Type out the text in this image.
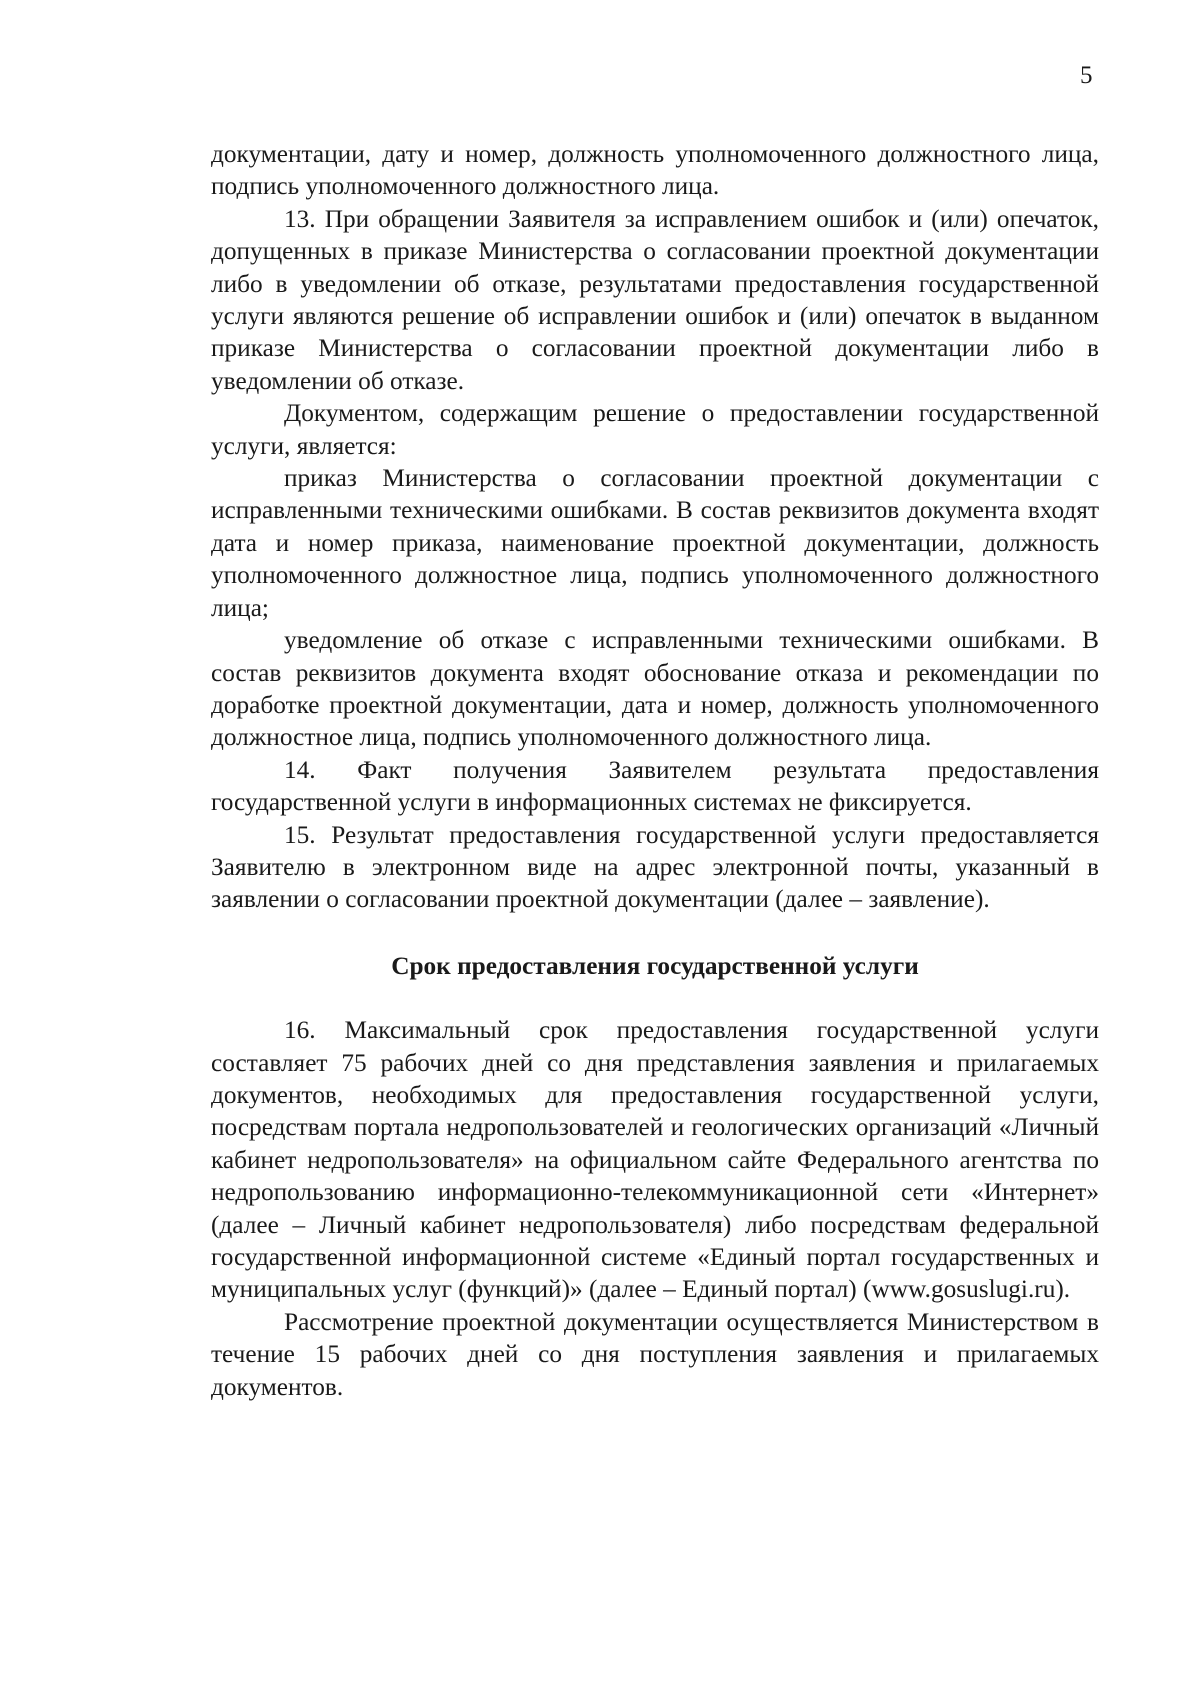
5

документации, дату и номер, должность уполномоченного должностного лица, подпись уполномоченного должностного лица.

13. При обращении Заявителя за исправлением ошибок и (или) опечаток, допущенных в приказе Министерства о согласовании проектной документации либо в уведомлении об отказе, результатами предоставления государственной услуги являются решение об исправлении ошибок и (или) опечаток в выданном приказе Министерства о согласовании проектной документации либо в уведомлении об отказе.

Документом, содержащим решение о предоставлении государственной услуги, является:

приказ Министерства о согласовании проектной документации с исправленными техническими ошибками. В состав реквизитов документа входят дата и номер приказа, наименование проектной документации, должность уполномоченного должностное лица, подпись уполномоченного должностного лица;

уведомление об отказе с исправленными техническими ошибками. В состав реквизитов документа входят обоснование отказа и рекомендации по доработке проектной документации, дата и номер, должность уполномоченного должностное лица, подпись уполномоченного должностного лица.

14. Факт получения Заявителем результата предоставления государственной услуги в информационных системах не фиксируется.

15. Результат предоставления государственной услуги предоставляется Заявителю в электронном виде на адрес электронной почты, указанный в заявлении о согласовании проектной документации (далее – заявление).

Срок предоставления государственной услуги

16. Максимальный срок предоставления государственной услуги составляет 75 рабочих дней со дня представления заявления и прилагаемых документов, необходимых для предоставления государственной услуги, посредствам портала недропользователей и геологических организаций «Личный кабинет недропользователя» на официальном сайте Федерального агентства по недропользованию информационно-телекоммуникационной сети «Интернет» (далее – Личный кабинет недропользователя) либо посредствам федеральной государственной информационной системе «Единый портал государственных и муниципальных услуг (функций)» (далее – Единый портал) (www.gosuslugi.ru).

Рассмотрение проектной документации осуществляется Министерством в течение 15 рабочих дней со дня поступления заявления и прилагаемых документов.
